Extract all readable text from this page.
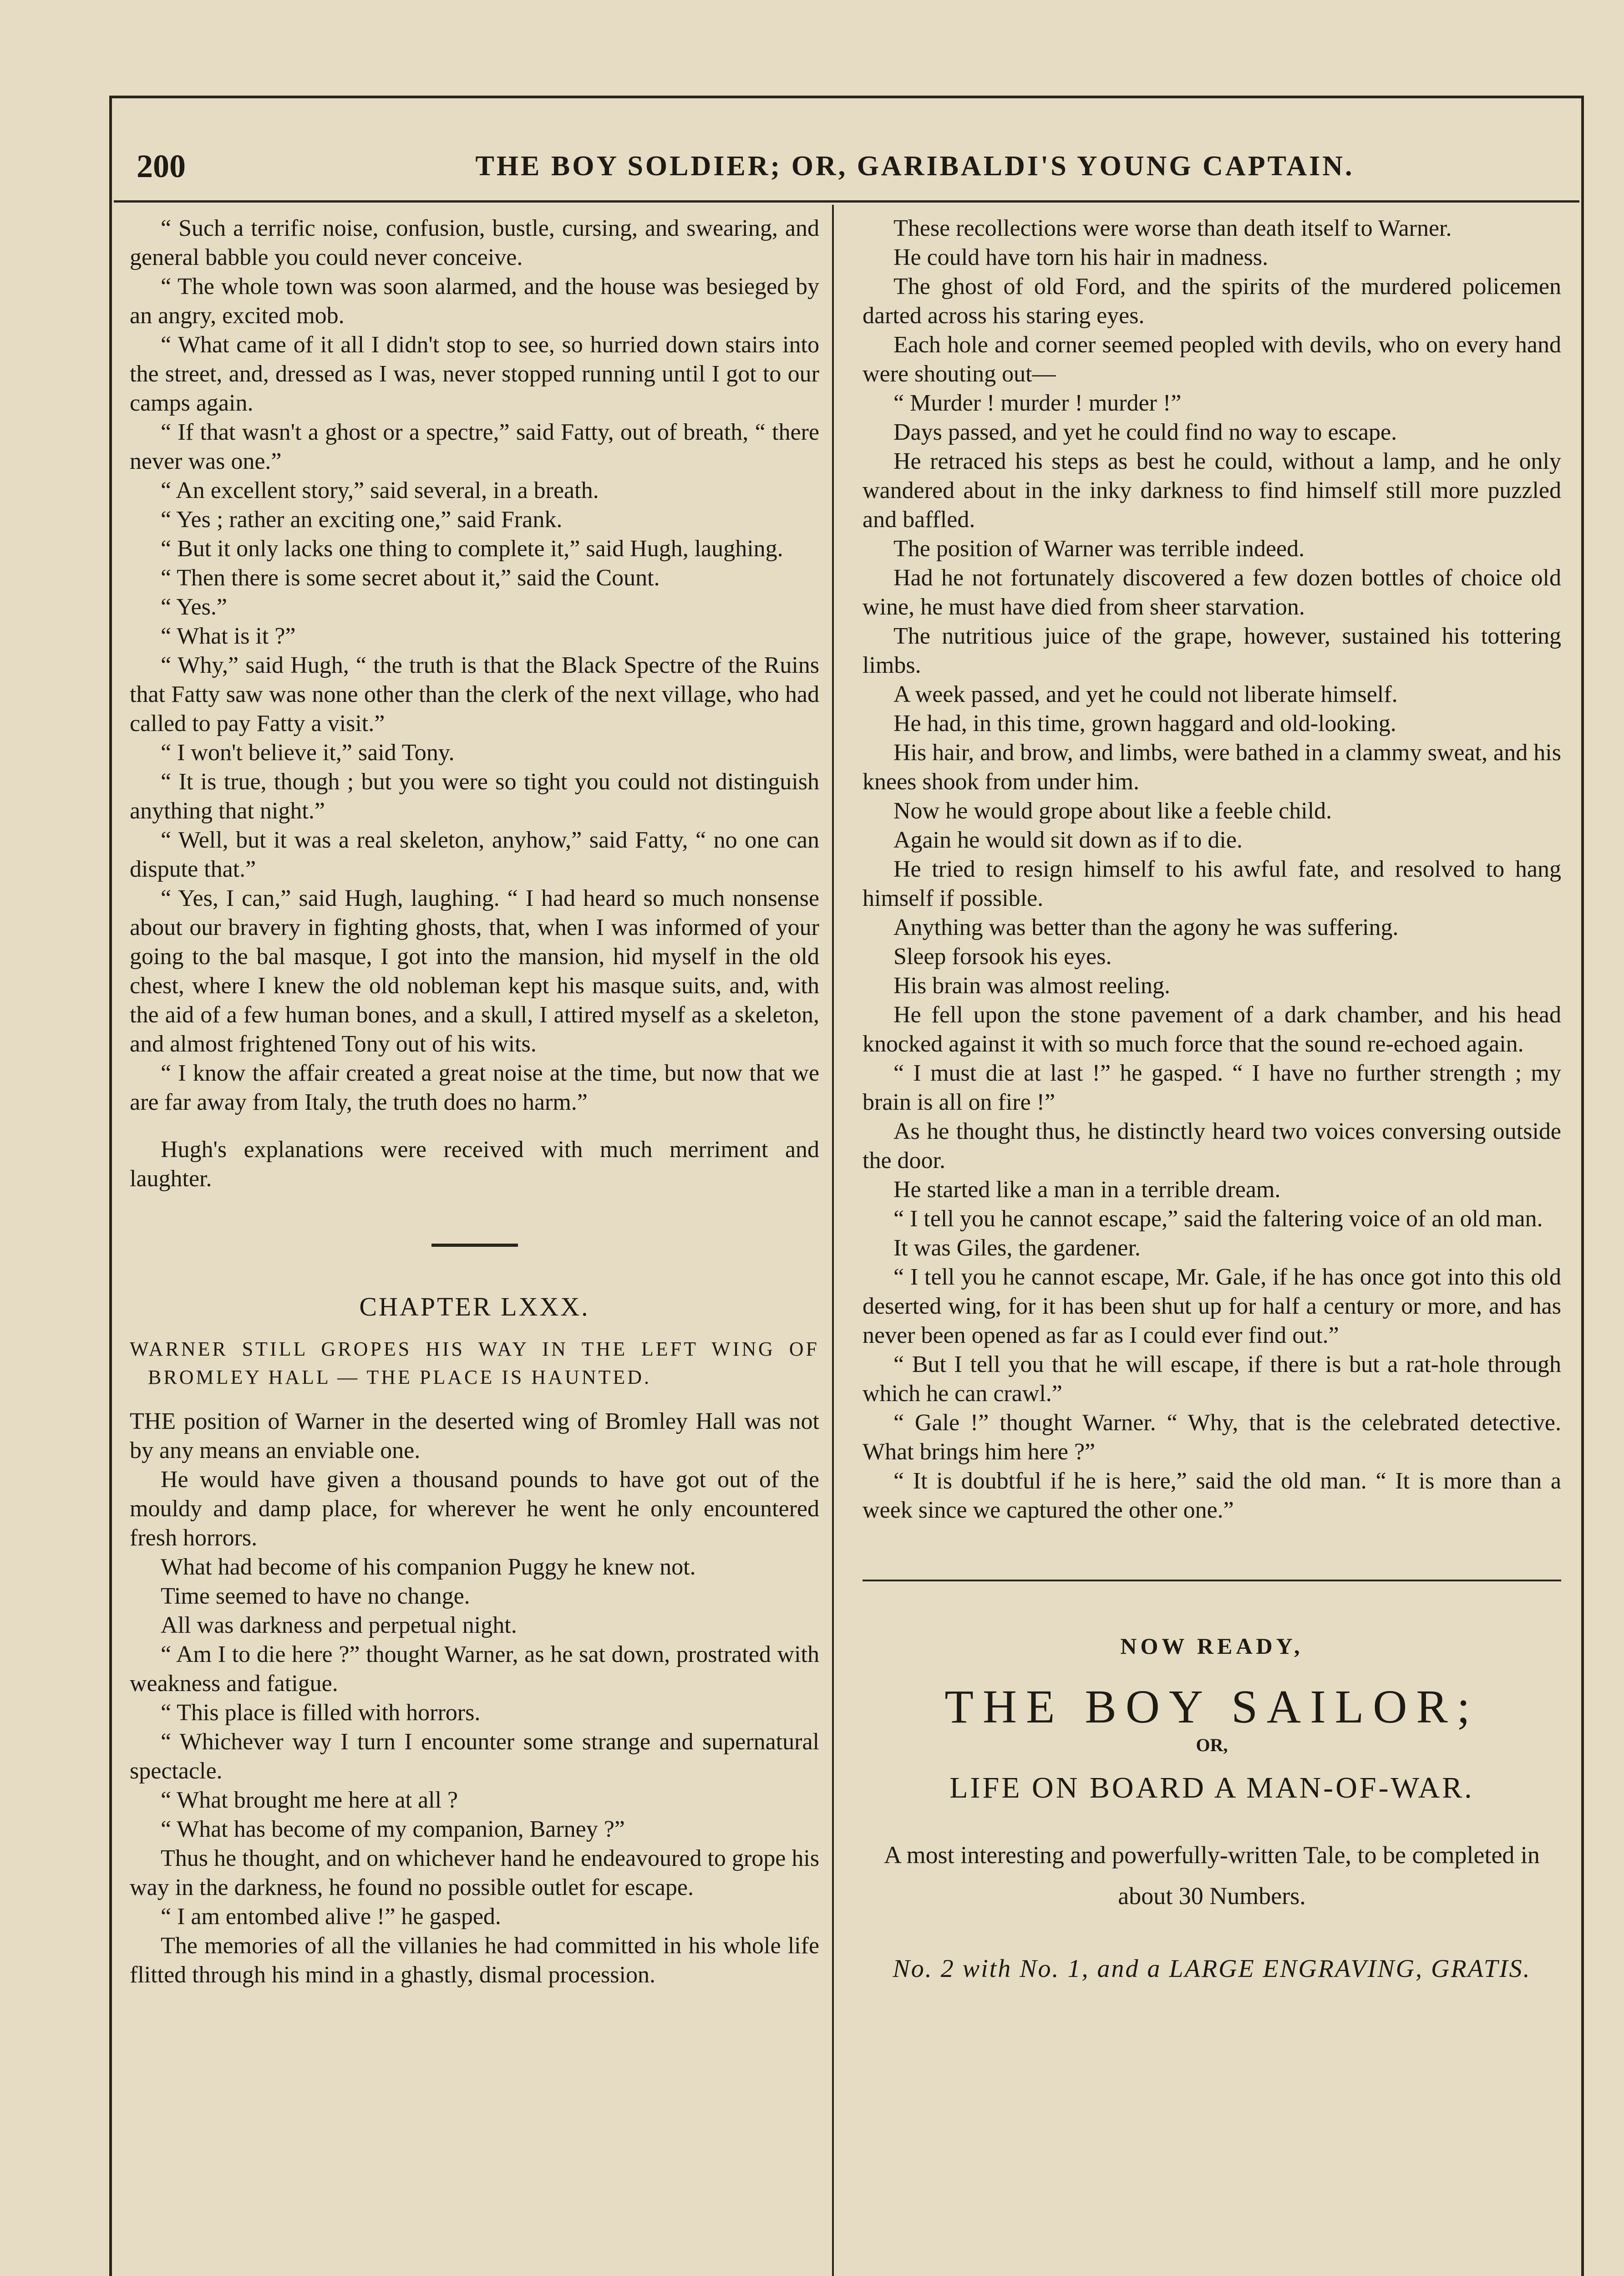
200	THE BOY SOLDIER; OR, GARIBALDI'S YOUNG CAPTAIN.

“ Such a terrific noise, confusion, bustle, cursing, and swearing, and general babble you could never conceive.

“ The whole town was soon alarmed, and the house was besieged by an angry, excited mob.

“ What came of it all I didn't stop to see, so hurried down stairs into the street, and, dressed as I was, never stopped running until I got to our camps again.

“ If that wasn't a ghost or a spectre,” said Fatty, out of breath, “ there never was one.”

“ An excellent story,” said several, in a breath.

“ Yes ; rather an exciting one,” said Frank.

“ But it only lacks one thing to complete it,” said Hugh, laughing.

“ Then there is some secret about it,” said the Count.

“ Yes.”

“ What is it ?”

“ Why,” said Hugh, “ the truth is that the Black Spectre of the Ruins that Fatty saw was none other than the clerk of the next village, who had called to pay Fatty a visit.”

“ I won't believe it,” said Tony.

“ It is true, though ; but you were so tight you could not distinguish anything that night.”

“ Well, but it was a real skeleton, anyhow,” said Fatty, “ no one can dispute that.”

“ Yes, I can,” said Hugh, laughing. “ I had heard so much nonsense about our bravery in fighting ghosts, that, when I was informed of your going to the bal masque, I got into the mansion, hid myself in the old chest, where I knew the old nobleman kept his masque suits, and, with the aid of a few human bones, and a skull, I attired myself as a skeleton, and almost frightened Tony out of his wits.

“ I know the affair created a great noise at the time, but now that we are far away from Italy, the truth does no harm.”

Hugh's explanations were received with much merriment and laughter.

CHAPTER LXXX.
WARNER STILL GROPES HIS WAY IN THE LEFT WING OF BROMLEY HALL — THE PLACE IS HAUNTED.

THE position of Warner in the deserted wing of Bromley Hall was not by any means an enviable one.

He would have given a thousand pounds to have got out of the mouldy and damp place, for wherever he went he only encountered fresh horrors.

What had become of his companion Puggy he knew not.

Time seemed to have no change.

All was darkness and perpetual night.

“ Am I to die here ?” thought Warner, as he sat down, prostrated with weakness and fatigue.

“ This place is filled with horrors.

“ Whichever way I turn I encounter some strange and supernatural spectacle.

“ What brought me here at all ?

“ What has become of my companion, Barney ?”

Thus he thought, and on whichever hand he endeavoured to grope his way in the darkness, he found no possible outlet for escape.

“ I am entombed alive !” he gasped.

The memories of all the villanies he had committed in his whole life flitted through his mind in a ghastly, dismal procession.

These recollections were worse than death itself to Warner.

He could have torn his hair in madness.

The ghost of old Ford, and the spirits of the murdered policemen darted across his staring eyes.

Each hole and corner seemed peopled with devils, who on every hand were shouting out—

“ Murder ! murder ! murder !”

Days passed, and yet he could find no way to escape.

He retraced his steps as best he could, without a lamp, and he only wandered about in the inky darkness to find himself still more puzzled and baffled.

The position of Warner was terrible indeed.

Had he not fortunately discovered a few dozen bottles of choice old wine, he must have died from sheer starvation.

The nutritious juice of the grape, however, sustained his tottering limbs.

A week passed, and yet he could not liberate himself.

He had, in this time, grown haggard and old-looking.

His hair, and brow, and limbs, were bathed in a clammy sweat, and his knees shook from under him.

Now he would grope about like a feeble child.

Again he would sit down as if to die.

He tried to resign himself to his awful fate, and resolved to hang himself if possible.

Anything was better than the agony he was suffering.

Sleep forsook his eyes.

His brain was almost reeling.

He fell upon the stone pavement of a dark chamber, and his head knocked against it with so much force that the sound re-echoed again.

“ I must die at last !” he gasped. “ I have no further strength ; my brain is all on fire !”

As he thought thus, he distinctly heard two voices conversing outside the door.

He started like a man in a terrible dream.

“ I tell you he cannot escape,” said the faltering voice of an old man.

It was Giles, the gardener.

“ I tell you he cannot escape, Mr. Gale, if he has once got into this old deserted wing, for it has been shut up for half a century or more, and has never been opened as far as I could ever find out.”

“ But I tell you that he will escape, if there is but a rat-hole through which he can crawl.”

“ Gale !” thought Warner. “ Why, that is the celebrated detective. What brings him here ?”

“ It is doubtful if he is here,” said the old man. “ It is more than a week since we captured the other one.”

NOW READY,
THE BOY SAILOR;
OR,
LIFE ON BOARD A MAN-OF-WAR.
A most interesting and powerfully-written Tale, to be completed in about 30 Numbers.
No. 2 with No. 1, and a LARGE ENGRAVING, GRATIS.
